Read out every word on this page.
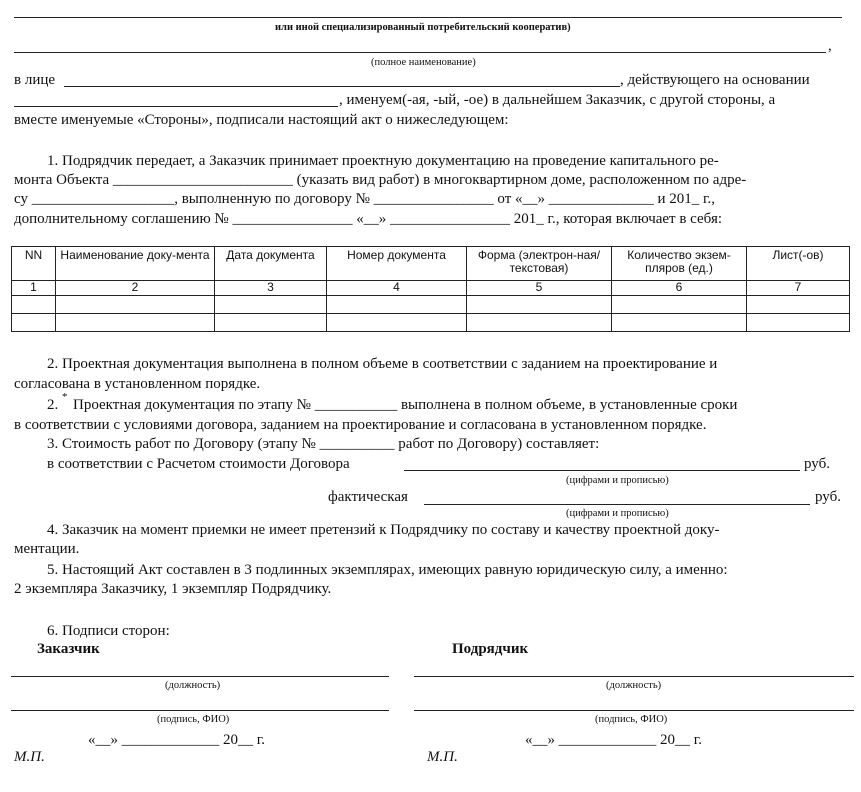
или иной специализированный потребительский кооператив)
,
(полное наименование)
в лице	, действующего на основании
, именуем(-ая, -ый, -ое) в дальнейшем Заказчик, с другой стороны, а
вместе именуемые «Стороны», подписали настоящий акт о нижеследующем:
1. Подрядчик передает, а Заказчик принимает проектную документацию на проведение капитального ре-
монта Объекта ________________________ (указать вид работ) в многоквартирном доме, расположенном по адре-
су ___________________, выполненную по договору № ________________ от «__» ______________ и 201_ г.,
дополнительному соглашению № ________________ «__» ________________ 201_ г., которая включает в себя:
NN	Наименование доку-мента	Дата документа	Номер документа	Форма (электрон-ная/текстовая)	Количество экзем-пляров (ед.)	Лист(-ов)
1	2	3	4	5	6	7

2. Проектная документация выполнена в полном объеме в соответствии с заданием на проектирование и
согласована в установленном порядке.
2. * Проектная документация по этапу № ___________ выполнена в полном объеме, в установленные сроки
в соответствии с условиями договора, заданием на проектирование и согласована в установленном порядке.
3. Стоимость работ по Договору (этапу № __________ работ по Договору) составляет:
в соответствии с Расчетом стоимости Договора	руб.
(цифрами и прописью)
фактическая	руб.
(цифрами и прописью)
4. Заказчик на момент приемки не имеет претензий к Подрядчику по составу и качеству проектной доку-
ментации.
5. Настоящий Акт составлен в 3 подлинных экземплярах, имеющих равную юридическую силу, а именно:
2 экземпляра Заказчику, 1 экземпляр Подрядчику.
6. Подписи сторон:
Заказчик	Подрядчик
(должность)	(должность)
(подпись, ФИО)	(подпись, ФИО)
«__» _____________ 20__ г.	«__» _____________ 20__ г.
М.П.	М.П.
